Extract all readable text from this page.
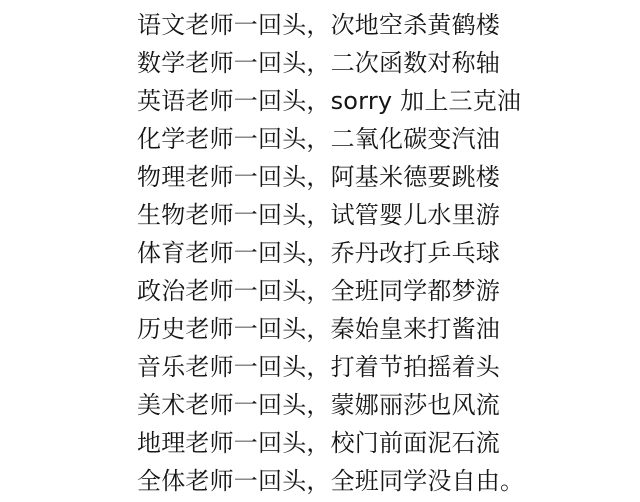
语文老师一回头，次地空杀黄鹤楼
数学老师一回头，二次函数对称轴
英语老师一回头，sorry 加上三克油
化学老师一回头，二氧化碳变汽油
物理老师一回头，阿基米德要跳楼
生物老师一回头，试管婴儿水里游
体育老师一回头，乔丹改打乒乓球
政治老师一回头，全班同学都梦游
历史老师一回头，秦始皇来打酱油
音乐老师一回头，打着节拍摇着头
美术老师一回头，蒙娜丽莎也风流
地理老师一回头，校门前面泥石流
全体老师一回头，全班同学没自由。
